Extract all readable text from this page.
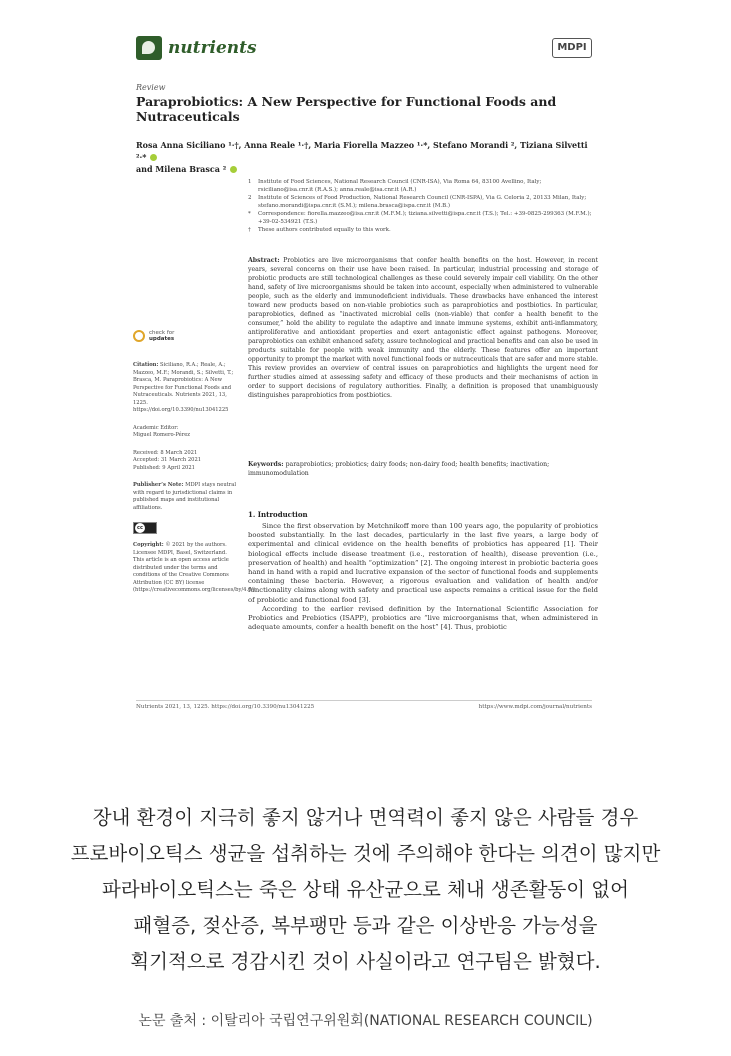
nutrients	MDPI
Review
Paraprobiotics: A New Perspective for Functional Foods and Nutraceuticals
Rosa Anna Siciliano ¹·†, Anna Reale ¹·†, Maria Fiorella Mazzeo ¹·*, Stefano Morandi ², Tiziana Silvetti ²·*
and Milena Brasca ²
1	Institute of Food Sciences, National Research Council (CNR-ISA), Via Roma 64, 83100 Avellino, Italy; rsiciliano@isa.cnr.it (R.A.S.); anna.reale@isa.cnr.it (A.R.)
2	Institute of Sciences of Food Production, National Research Council (CNR-ISPA), Via G. Celoria 2, 20133 Milan, Italy; stefano.morandi@ispa.cnr.it (S.M.); milena.brasca@ispa.cnr.it (M.B.)
*	Correspondence: fiorella.mazzeo@isa.cnr.it (M.F.M.); tiziana.silvetti@ispa.cnr.it (T.S.); Tel.: +39-0825-299363 (M.F.M.); +39-02-534921 (T.S.)
†	These authors contributed equally to this work.
Abstract: Probiotics are live microorganisms that confer health benefits on the host. However, in recent years, several concerns on their use have been raised. In particular, industrial processing and storage of probiotic products are still technological challenges as these could severely impair cell viability. On the other hand, safety of live microorganisms should be taken into account, especially when administered to vulnerable people, such as the elderly and immunodeficient individuals. These drawbacks have enhanced the interest toward new products based on non-viable probiotics such as paraprobiotics and postbiotics. In particular, paraprobiotics, defined as “inactivated microbial cells (non-viable) that confer a health benefit to the consumer,” hold the ability to regulate the adaptive and innate immune systems, exhibit anti-inflammatory, antiproliferative and antioxidant properties and exert antagonistic effect against pathogens. Moreover, paraprobiotics can exhibit enhanced safety, assure technological and practical benefits and can also be used in products suitable for people with weak immunity and the elderly. These features offer an important opportunity to prompt the market with novel functional foods or nutraceuticals that are safer and more stable. This review provides an overview of central issues on paraprobiotics and highlights the urgent need for further studies aimed at assessing safety and efficacy of these products and their mechanisms of action in order to support decisions of regulatory authorities. Finally, a definition is proposed that unambiguously distinguishes paraprobiotics from postbiotics.
Keywords: paraprobiotics; probiotics; dairy foods; non-dairy food; health benefits; inactivation; immunomodulation
1. Introduction

Since the first observation by Metchnikoff more than 100 years ago, the popularity of probiotics boosted substantially. In the last decades, particularly in the last five years, a large body of experimental and clinical evidence on the health benefits of probiotics has appeared [1]. Their biological effects include disease treatment (i.e., restoration of health), disease prevention (i.e., preservation of health) and health “optimization” [2]. The ongoing interest in probiotic bacteria goes hand in hand with a rapid and lucrative expansion of the sector of functional foods and supplements containing these bacteria. However, a rigorous evaluation and validation of health and/or functionality claims along with safety and practical use aspects remains a critical issue for the field of probiotic and functional food [3].

According to the earlier revised definition by the International Scientific Association for Probiotics and Prebiotics (ISAPP), probiotics are “live microorganisms that, when administered in adequate amounts, confer a health benefit on the host” [4]. Thus, probiotic

check for
updates
Citation: Siciliano, R.A.; Reale, A.; Mazzeo, M.F.; Morandi, S.; Silvetti, T.; Brasca, M. Paraprobiotics: A New Perspective for Functional Foods and Nutraceuticals. Nutrients 2021, 13, 1225. https://doi.org/10.3390/nu13041225
Academic Editor:
Miguel Romero-Pérez
Received: 8 March 2021
Accepted: 31 March 2021
Published: 9 April 2021
Publisher’s Note: MDPI stays neutral with regard to jurisdictional claims in published maps and institutional affiliations.
cc
Copyright: © 2021 by the authors. Licensee MDPI, Basel, Switzerland. This article is an open access article distributed under the terms and conditions of the Creative Commons Attribution (CC BY) license (https://creativecommons.org/licenses/by/4.0/).
Nutrients 2021, 13, 1225. https://doi.org/10.3390/nu13041225	https://www.mdpi.com/journal/nutrients
장내 환경이 지극히 좋지 않거나 면역력이 좋지 않은 사람들 경우
프로바이오틱스 생균을 섭취하는 것에 주의해야 한다는 의견이 많지만
파라바이오틱스는 죽은 상태 유산균으로 체내 생존활동이 없어
패혈증, 젖산증, 복부팽만 등과 같은 이상반응 가능성을
획기적으로 경감시킨 것이 사실이라고 연구팀은 밝혔다.
논문 출처 : 이탈리아 국립연구위원회(NATIONAL RESEARCH COUNCIL)
